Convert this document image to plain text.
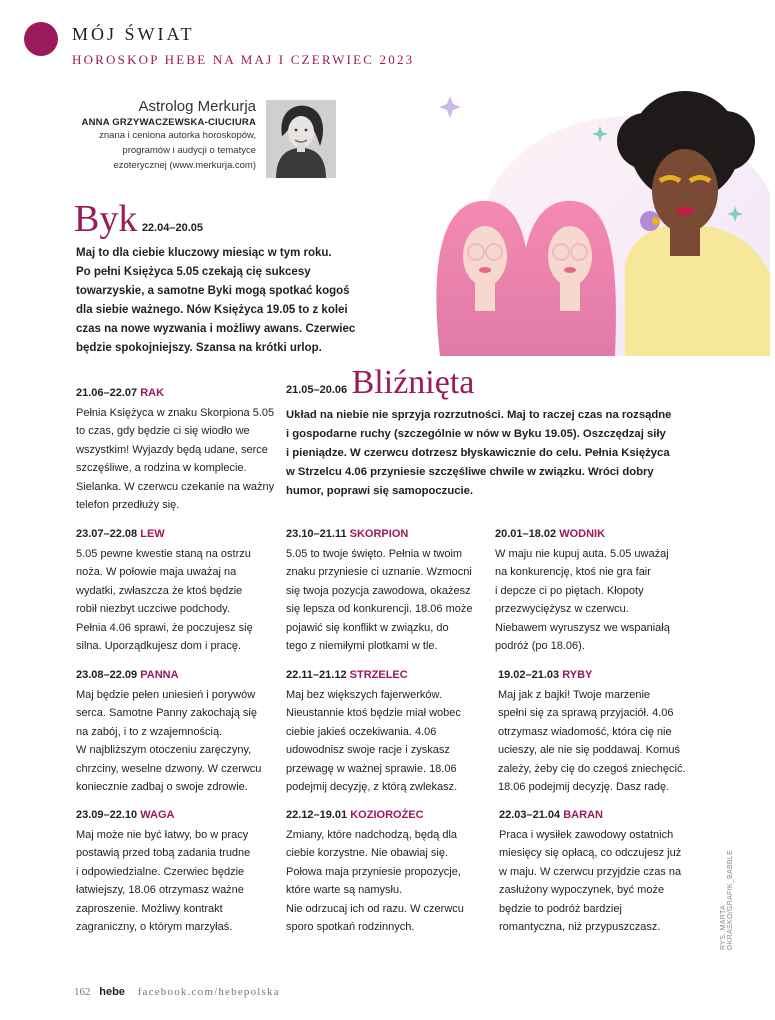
MÓJ ŚWIAT
HOROSKOP HEBE NA MAJ I CZERWIEC 2023
Astrolog Merkurja
ANNA GRZYWACZEWSKA-CIUCIURA
znana i ceniona autorka horoskopów,
programów i audycji o tematyce
ezoterycznej (www.merkurja.com)
Byk 22.04–20.05
Maj to dla ciebie kluczowy miesiąc w tym roku.
Po pełni Księżyca 5.05 czekają cię sukcesy
towarzyskie, a samotne Byki mogą spotkać kogoś
dla siebie ważnego. Nów Księżyca 19.05 to z kolei
czas na nowe wyzwania i możliwy awans. Czerwiec
będzie spokojniejszy. Szansa na krótki urlop.
21.05–20.06 Bliźnięta
Układ na niebie nie sprzyja rozrzutności. Maj to raczej czas na rozsądne
i gospodarne ruchy (szczególnie w nów w Byku 19.05). Oszczędzaj siły
i pieniądze. W czerwcu dotrzesz błyskawicznie do celu. Pełnia Księżyca
w Strzelcu 4.06 przyniesie szczęśliwe chwile w związku. Wróci dobry
humor, poprawi się samopoczucie.
21.06–22.07 RAK
Pełnia Księżyca w znaku Skorpiona 5.05
to czas, gdy będzie ci się wiodło we
wszystkim! Wyjazdy będą udane, serce
szczęśliwe, a rodzina w komplecie.
Sielanka. W czerwcu czekanie na ważny
telefon przedłuży się.
23.07–22.08 LEW
5.05 pewne kwestie staną na ostrzu
noża. W połowie maja uważaj na
wydatki, zwłaszcza że ktoś będzie
robił niezbyt uczciwe podchody.
Pełnia 4.06 sprawi, że poczujesz się
silna. Uporządkujesz dom i pracę.
23.10–21.11 SKORPION
5.05 to twoje święto. Pełnia w twoim
znaku przyniesie ci uznanie. Wzmocni
się twoja pozycja zawodowa, okażesz
się lepsza od konkurencji. 18.06 może
pojawić się konflikt w związku, do
tego z niemiłymi plotkami w tle.
20.01–18.02 WODNIK
W maju nie kupuj auta. 5.05 uważaj
na konkurencję, ktoś nie gra fair
i depcze ci po piętach. Kłopoty
przezwyciężysz w czerwcu.
Niebawem wyruszysz we wspaniałą
podróż (po 18.06).
23.08–22.09 PANNA
Maj będzie pełen uniesień i porywów
serca. Samotne Panny zakochają się
na zabój, i to z wzajemnością.
W najbliższym otoczeniu zaręczyny,
chrzciny, weselne dzwony. W czerwcu
koniecznie zadbaj o swoje zdrowie.
22.11–21.12 STRZELEC
Maj bez większych fajerwerków.
Nieustannie ktoś będzie miał wobec
ciebie jakieś oczekiwania. 4.06
udowodnisz swoje racje i zyskasz
przewagę w ważnej sprawie. 18.06
podejmij decyzję, z którą zwlekasz.
19.02–21.03 RYBY
Maj jak z bajki! Twoje marzenie
spełni się za sprawą przyjaciół. 4.06
otrzymasz wiadomość, która cię nie
ucieszy, ale nie się poddawaj. Komuś
zależy, żeby cię do czegoś zniechęcić.
18.06 podejmij decyzję. Dasz radę.
23.09–22.10 WAGA
Maj może nie być łatwy, bo w pracy
postawią przed tobą zadania trudne
i odpowiedzialne. Czerwiec będzie
łatwiejszy, 18.06 otrzymasz ważne
zaproszenie. Możliwy kontrakt
zagraniczny, o którym marzyłaś.
22.12–19.01 KOZIOROŻEC
Zmiany, które nadchodzą, będą dla
ciebie korzystne. Nie obawiaj się.
Połowa maja przyniesie propozycje,
które warte są namysłu.
Nie odrzucaj ich od razu. W czerwcu
sporo spotkań rodzinnych.
22.03–21.04 BARAN
Praca i wysiłek zawodowy ostatnich
miesięcy się opłacą, co odczujesz już
w maju. W czerwcu przyjdzie czas na
zasłużony wypoczynek, być może
będzie to podróż bardziej
romantyczna, niż przypuszczasz.	RYS. MARTA OKRASKO/GRAFIK_BABBLE
162 hebe facebook.com/hebepolska
